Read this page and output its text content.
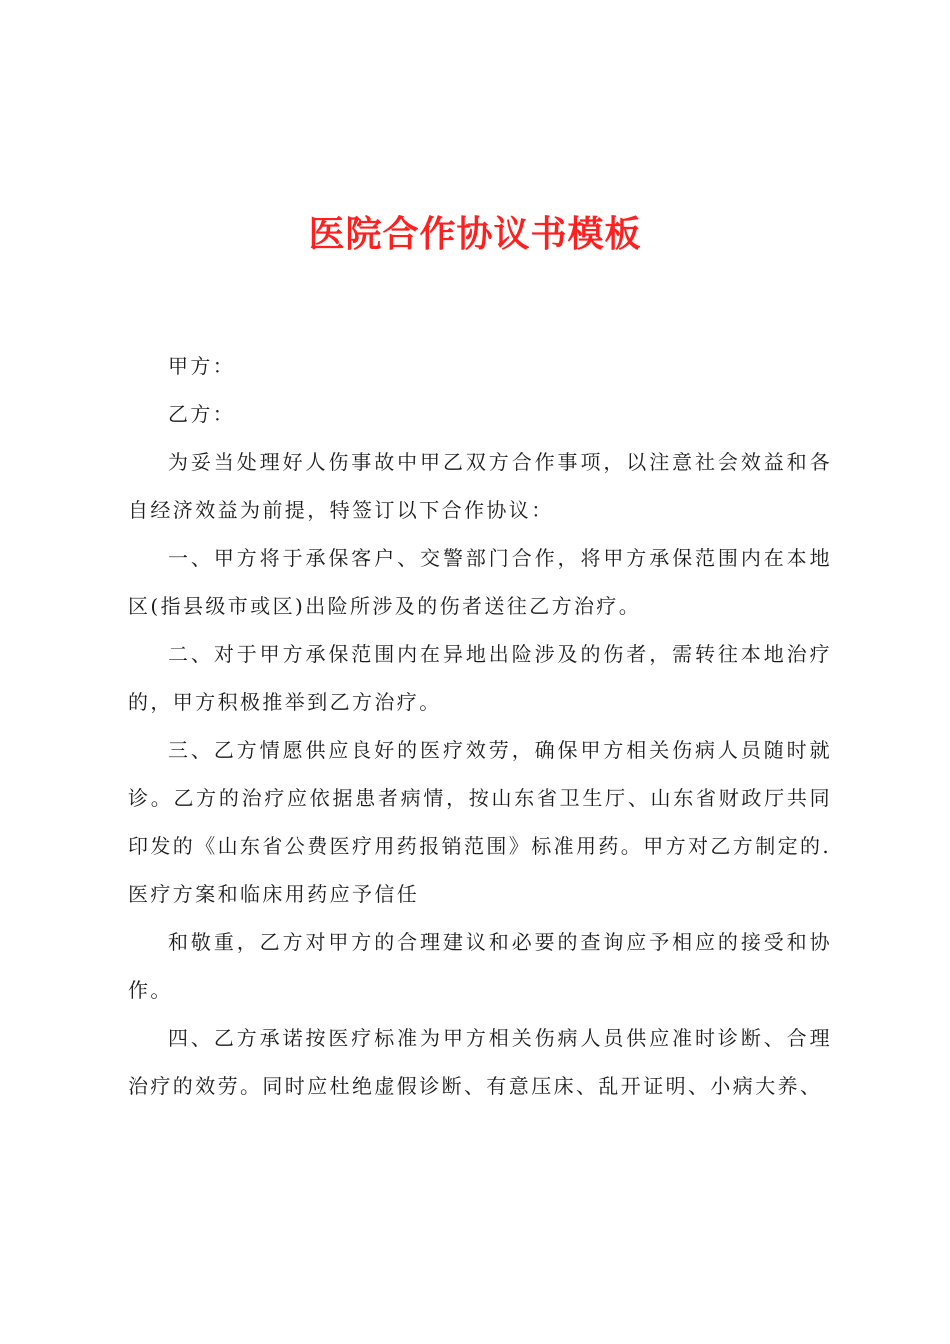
医院合作协议书模板

甲方：

乙方：

为妥当处理好人伤事故中甲乙双方合作事项，以注意社会效益和各自经济效益为前提，特签订以下合作协议：

一、甲方将于承保客户、交警部门合作，将甲方承保范围内在本地区(指县级市或区)出险所涉及的伤者送往乙方治疗。

二、对于甲方承保范围内在异地出险涉及的伤者，需转往本地治疗的，甲方积极推举到乙方治疗。

三、乙方情愿供应良好的医疗效劳，确保甲方相关伤病人员随时就诊。乙方的治疗应依据患者病情，按山东省卫生厅、山东省财政厅共同印发的《山东省公费医疗用药报销范围》标准用药。甲方对乙方制定的.

医疗方案和临床用药应予信任

和敬重，乙方对甲方的合理建议和必要的查询应予相应的接受和协作。

四、乙方承诺按医疗标准为甲方相关伤病人员供应准时诊断、合理治疗的效劳。同时应杜绝虚假诊断、有意压床、乱开证明、小病大养、
